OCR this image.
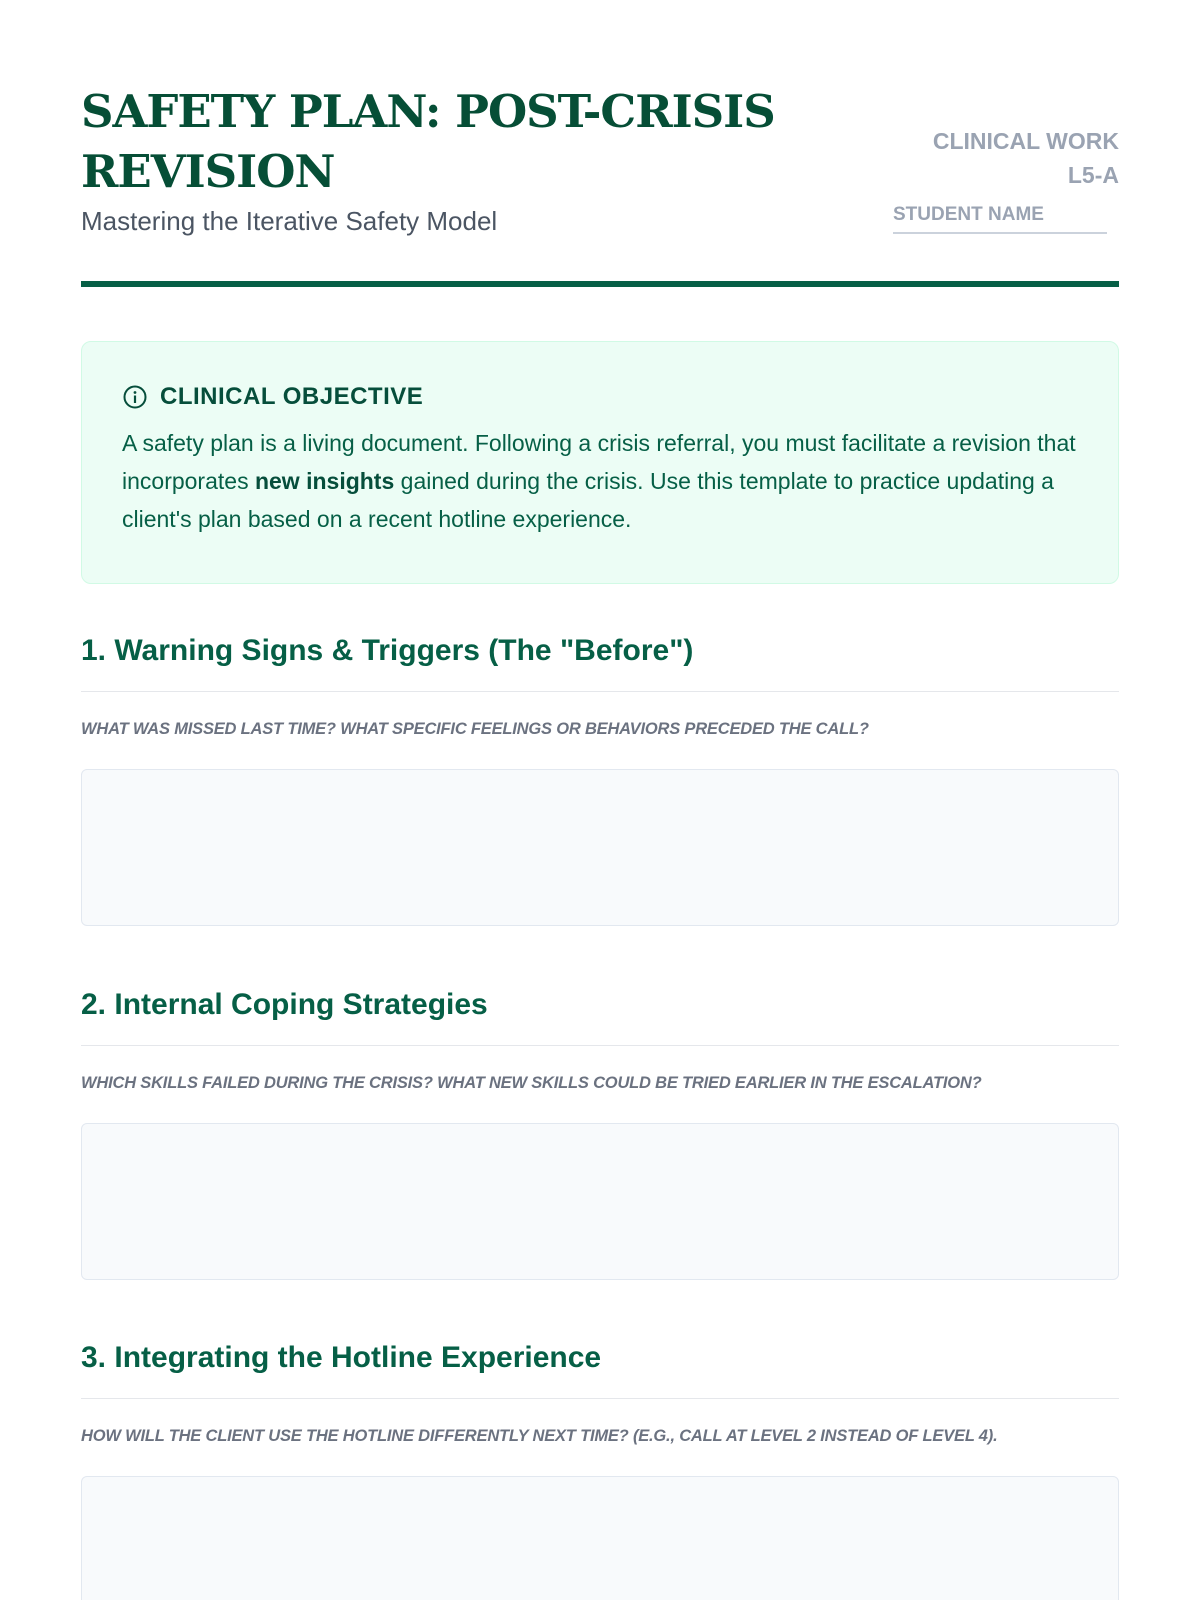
SAFETY PLAN: POST-CRISIS REVISION

Mastering the Iterative Safety Model

CLINICAL WORK
L5-A
STUDENT NAME
CLINICAL OBJECTIVE
A safety plan is a living document. Following a crisis referral, you must facilitate a revision that incorporates new insights gained during the crisis. Use this template to practice updating a client's plan based on a recent hotline experience.
1. Warning Signs & Triggers (The "Before")
WHAT WAS MISSED LAST TIME? WHAT SPECIFIC FEELINGS OR BEHAVIORS PRECEDED THE CALL?
2. Internal Coping Strategies
WHICH SKILLS FAILED DURING THE CRISIS? WHAT NEW SKILLS COULD BE TRIED EARLIER IN THE ESCALATION?
3. Integrating the Hotline Experience
HOW WILL THE CLIENT USE THE HOTLINE DIFFERENTLY NEXT TIME? (E.G., CALL AT LEVEL 2 INSTEAD OF LEVEL 4).
